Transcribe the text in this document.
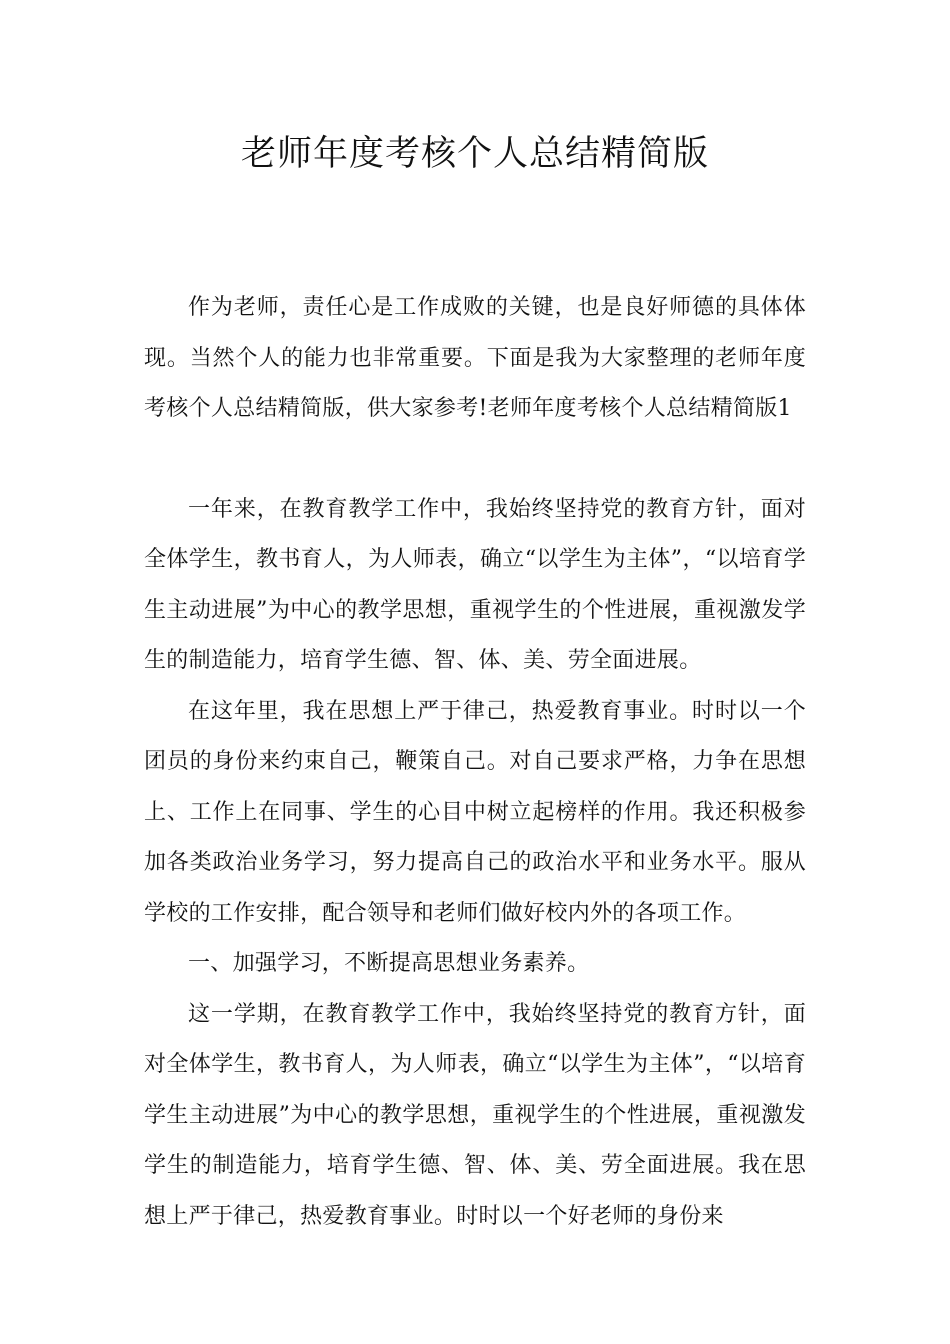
老师年度考核个人总结精简版

作为老师，责任心是工作成败的关键，也是良好师德的具体体现。当然个人的能力也非常重要。下面是我为大家整理的老师年度考核个人总结精简版，供大家参考!老师年度考核个人总结精简版1

一年来，在教育教学工作中，我始终坚持党的教育方针，面对全体学生，教书育人，为人师表，确立“以学生为主体”，“以培育学生主动进展”为中心的教学思想，重视学生的个性进展，重视激发学生的制造能力，培育学生德、智、体、美、劳全面进展。

在这年里，我在思想上严于律己，热爱教育事业。时时以一个团员的身份来约束自己，鞭策自己。对自己要求严格，力争在思想上、工作上在同事、学生的心目中树立起榜样的作用。我还积极参加各类政治业务学习，努力提高自己的政治水平和业务水平。服从学校的工作安排，配合领导和老师们做好校内外的各项工作。

一、加强学习，不断提高思想业务素养。

这一学期，在教育教学工作中，我始终坚持党的教育方针，面对全体学生，教书育人，为人师表，确立“以学生为主体”，“以培育学生主动进展”为中心的教学思想，重视学生的个性进展，重视激发学生的制造能力，培育学生德、智、体、美、劳全面进展。我在思想上严于律己，热爱教育事业。时时以一个好老师的身份来
